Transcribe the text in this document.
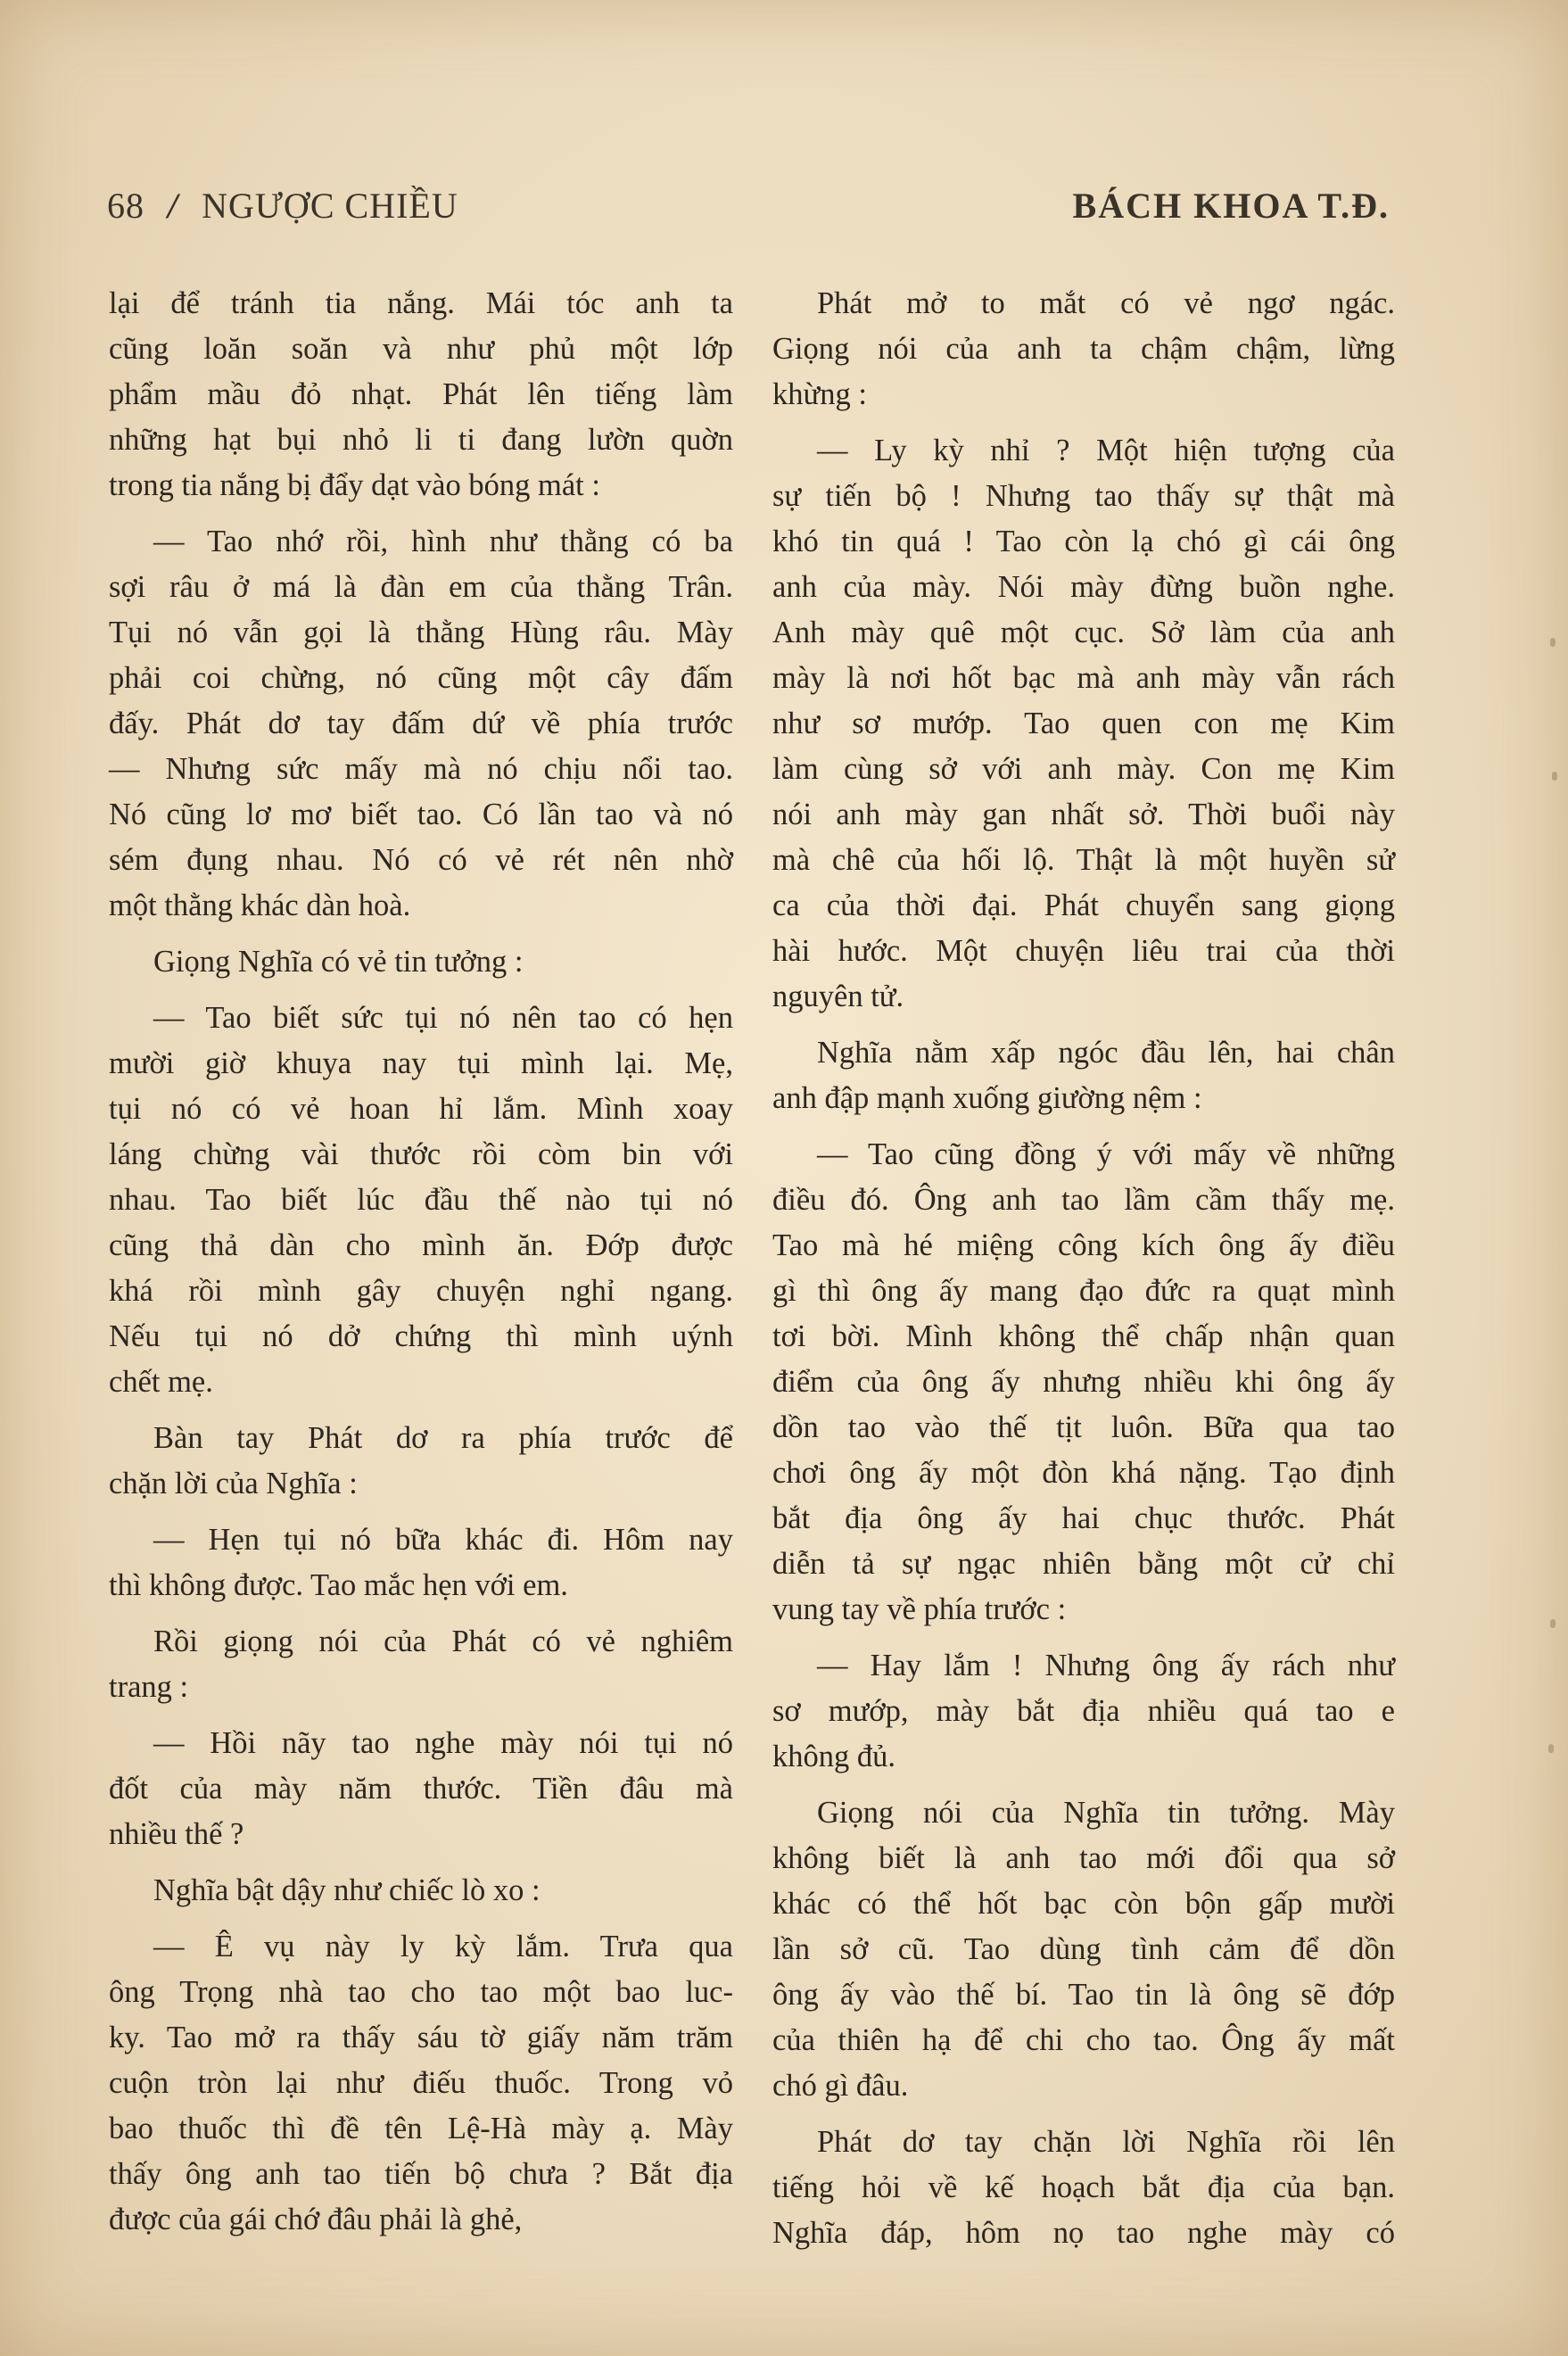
68 / NGƯỢC CHIỀU	BÁCH KHOA T.Đ.
lại để tránh tia nắng. Mái tóc anh ta
cũng loăn soăn và như phủ một lớp
phẩm mầu đỏ nhạt. Phát lên tiếng làm
những hạt bụi nhỏ li ti đang lườn quờn
trong tia nắng bị đẩy dạt vào bóng mát :
— Tao nhớ rồi, hình như thằng có ba
sợi râu ở má là đàn em của thằng Trân.
Tụi nó vẫn gọi là thằng Hùng râu. Mày
phải coi chừng, nó cũng một cây đấm
đấy. Phát dơ tay đấm dứ về phía trước
— Nhưng sức mấy mà nó chịu nổi tao.
Nó cũng lơ mơ biết tao. Có lần tao và nó
sém đụng nhau. Nó có vẻ rét nên nhờ
một thằng khác dàn hoà.
Giọng Nghĩa có vẻ tin tưởng :
— Tao biết sức tụi nó nên tao có hẹn
mười giờ khuya nay tụi mình lại. Mẹ,
tụi nó có vẻ hoan hỉ lắm. Mình xoay
láng chừng vài thước rồi còm bin với
nhau. Tao biết lúc đầu thế nào tụi nó
cũng thả dàn cho mình ăn. Đớp được
khá rồi mình gây chuyện nghỉ ngang.
Nếu tụi nó dở chứng thì mình uýnh
chết mẹ.
Bàn tay Phát dơ ra phía trước để
chặn lời của Nghĩa :
— Hẹn tụi nó bữa khác đi. Hôm nay
thì không được. Tao mắc hẹn với em.
Rồi giọng nói của Phát có vẻ nghiêm
trang :
— Hồi nãy tao nghe mày nói tụi nó
đốt của mày năm thước. Tiền đâu mà
nhiều thế ?
Nghĩa bật dậy như chiếc lò xo :
— Ê vụ này ly kỳ lắm. Trưa qua
ông Trọng nhà tao cho tao một bao luc-
ky. Tao mở ra thấy sáu tờ giấy năm trăm
cuộn tròn lại như điếu thuốc. Trong vỏ
bao thuốc thì đề tên Lệ-Hà mày ạ. Mày
thấy ông anh tao tiến bộ chưa ? Bắt địa
được của gái chớ đâu phải là ghẻ,
Phát mở to mắt có vẻ ngơ ngác.
Giọng nói của anh ta chậm chậm, lừng
khừng :
— Ly kỳ nhỉ ? Một hiện tượng của
sự tiến bộ ! Nhưng tao thấy sự thật mà
khó tin quá ! Tao còn lạ chó gì cái ông
anh của mày. Nói mày đừng buồn nghe.
Anh mày quê một cục. Sở làm của anh
mày là nơi hốt bạc mà anh mày vẫn rách
như sơ mướp. Tao quen con mẹ Kim
làm cùng sở với anh mày. Con mẹ Kim
nói anh mày gan nhất sở. Thời buổi này
mà chê của hối lộ. Thật là một huyền sử
ca của thời đại. Phát chuyển sang giọng
hài hước. Một chuyện liêu trai của thời
nguyên tử.
Nghĩa nằm xấp ngóc đầu lên, hai chân
anh đập mạnh xuống giường nệm :
— Tao cũng đồng ý với mấy về những
điều đó. Ông anh tao lầm cầm thấy mẹ.
Tao mà hé miệng công kích ông ấy điều
gì thì ông ấy mang đạo đức ra quạt mình
tơi bời. Mình không thể chấp nhận quan
điểm của ông ấy nhưng nhiều khi ông ấy
dồn tao vào thế tịt luôn. Bữa qua tao
chơi ông ấy một đòn khá nặng. Tạo định
bắt địa ông ấy hai chục thước. Phát
diễn tả sự ngạc nhiên bằng một cử chỉ
vung tay về phía trước :
— Hay lắm ! Nhưng ông ấy rách như
sơ mướp, mày bắt địa nhiều quá tao e
không đủ.
Giọng nói của Nghĩa tin tưởng. Mày
không biết là anh tao mới đổi qua sở
khác có thể hốt bạc còn bộn gấp mười
lần sở cũ. Tao dùng tình cảm để dồn
ông ấy vào thế bí. Tao tin là ông sẽ đớp
của thiên hạ để chi cho tao. Ông ấy mất
chó gì đâu.
Phát dơ tay chặn lời Nghĩa rồi lên
tiếng hỏi về kế hoạch bắt địa của bạn.
Nghĩa đáp, hôm nọ tao nghe mày có
